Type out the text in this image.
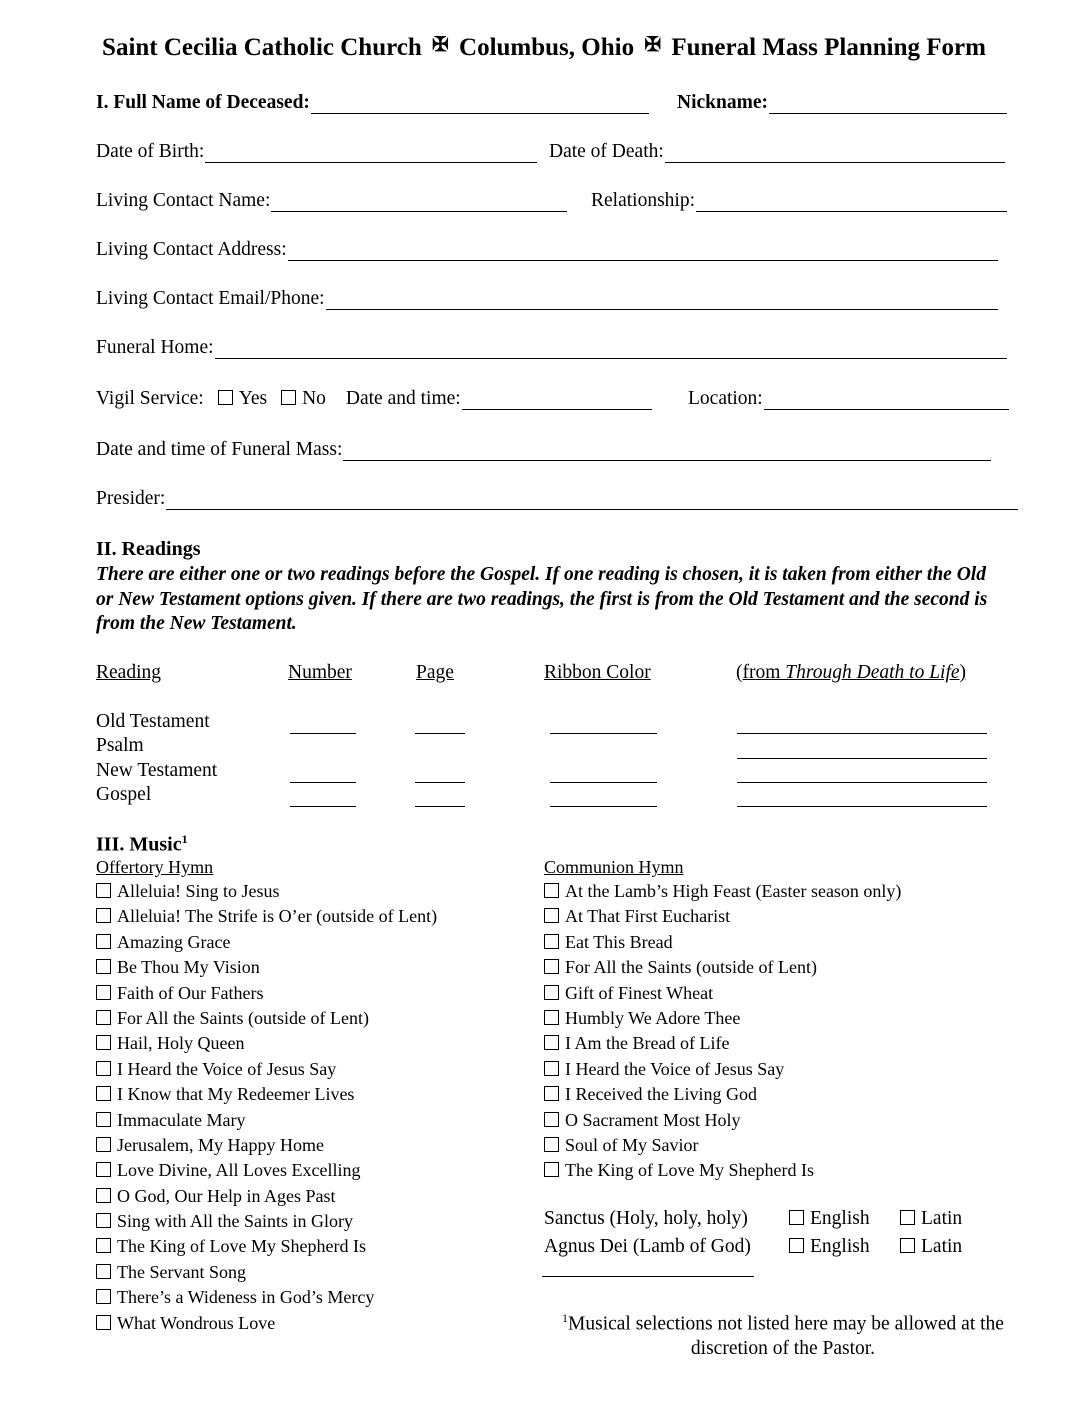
Saint Cecilia Catholic Church ✠ Columbus, Ohio ✠ Funeral Mass Planning Form
I. Full Name of Deceased:	Nickname:
Date of Birth:	Date of Death:
Living Contact Name:	Relationship:
Living Contact Address:
Living Contact Email/Phone:
Funeral Home:
Vigil Service:	Yes	No Date and time:	Location:
Date and time of Funeral Mass:
Presider:
II. Readings
There are either one or two readings before the Gospel. If one reading is chosen, it is taken from either the Old or New Testament options given. If there are two readings, the first is from the Old Testament and the second is from the New Testament.
Reading	Number	Page	Ribbon Color	(from Through Death to Life)
Old Testament
Psalm
New Testament
Gospel
III. Music$^1$
Offertory Hymn
Alleluia! Sing to Jesus
Alleluia! The Strife is O’er (outside of Lent)
Amazing Grace
Be Thou My Vision
Faith of Our Fathers
For All the Saints (outside of Lent)
Hail, Holy Queen
I Heard the Voice of Jesus Say
I Know that My Redeemer Lives
Immaculate Mary
Jerusalem, My Happy Home
Love Divine, All Loves Excelling
O God, Our Help in Ages Past
Sing with All the Saints in Glory
The King of Love My Shepherd Is
The Servant Song
There’s a Wideness in God’s Mercy
What Wondrous Love
Communion Hymn
At the Lamb’s High Feast (Easter season only)
At That First Eucharist
Eat This Bread
For All the Saints (outside of Lent)
Gift of Finest Wheat
Humbly We Adore Thee
I Am the Bread of Life
I Heard the Voice of Jesus Say
I Received the Living God
O Sacrament Most Holy
Soul of My Savior
The King of Love My Shepherd Is
Sanctus (Holy, holy, holy)	English	Latin
Agnus Dei (Lamb of God)	English	Latin
$^1$Musical selections not listed here may be allowed at the discretion of the Pastor.
